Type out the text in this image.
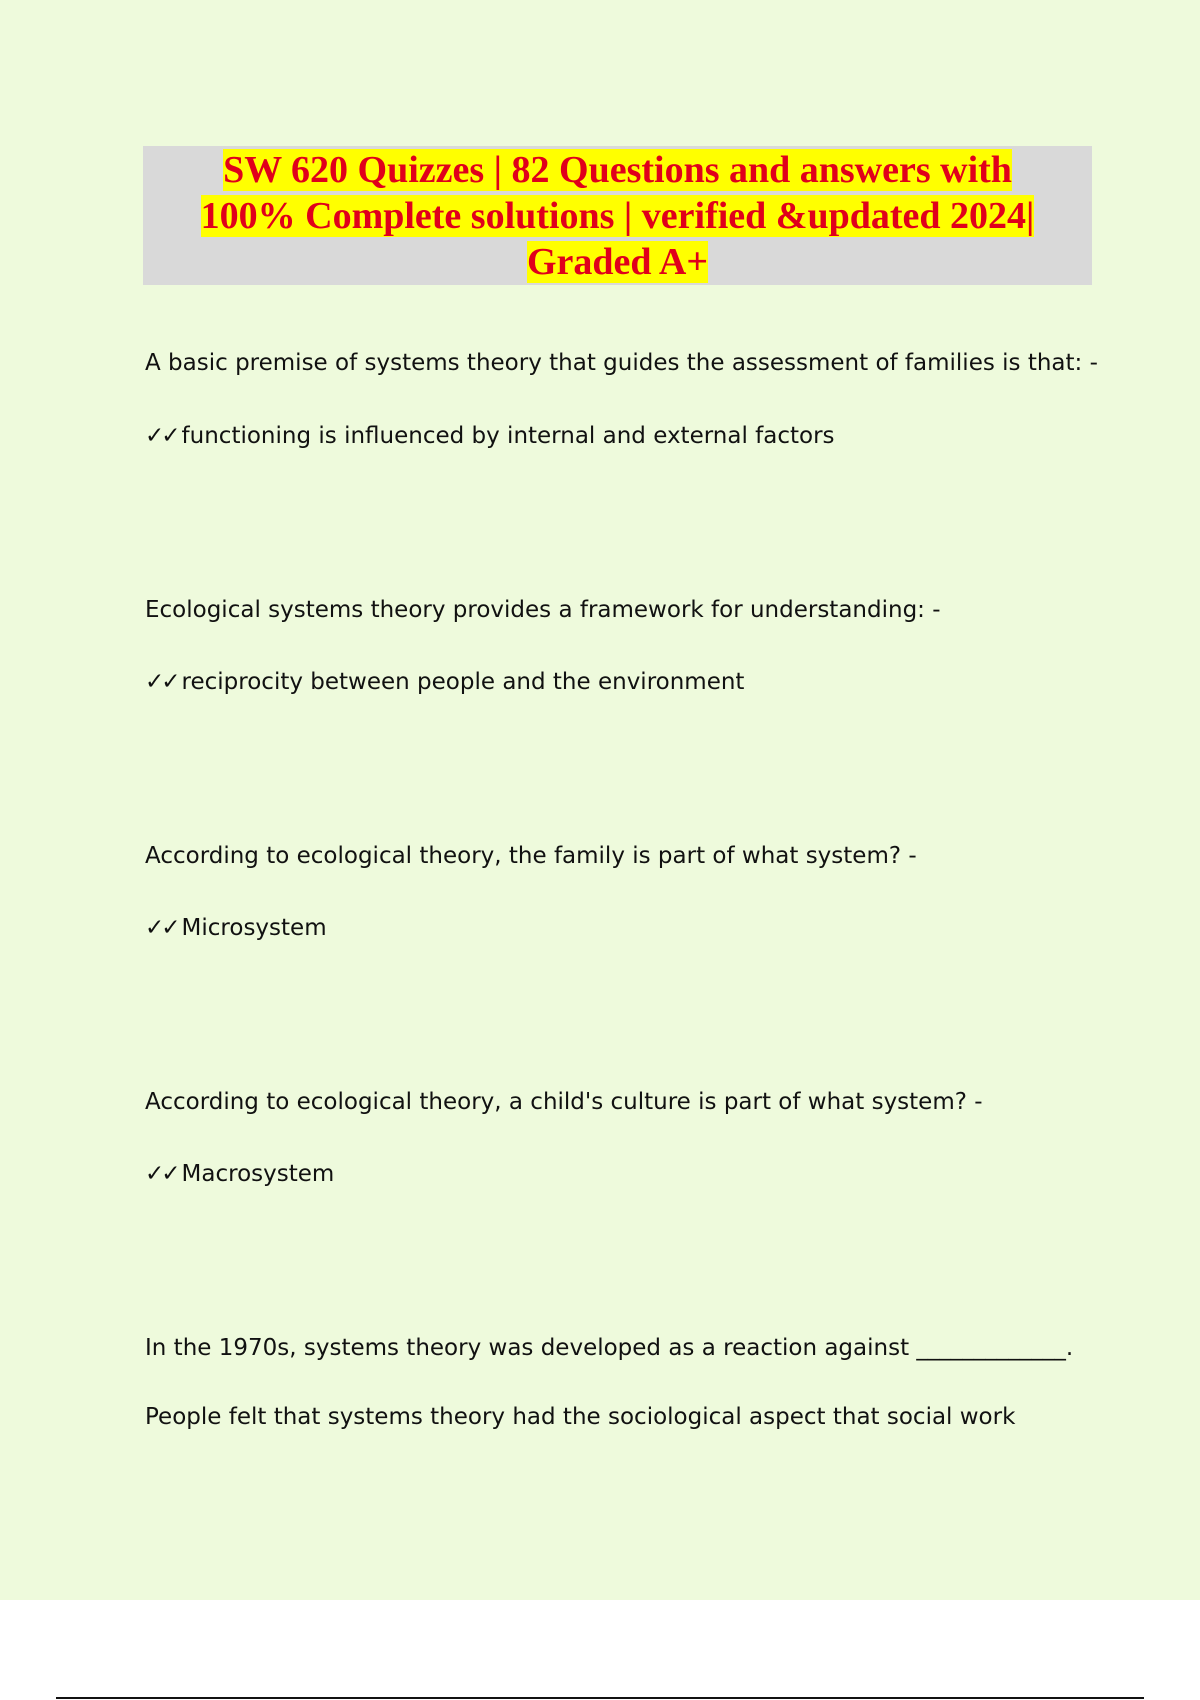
SW 620 Quizzes | 82 Questions and answers with
100% Complete solutions | verified &updated 2024|
Graded A+
A basic premise of systems theory that guides the assessment of families is that: -
✓✓ functioning is influenced by internal and external factors
Ecological systems theory provides a framework for understanding: -
✓✓ reciprocity between people and the environment
According to ecological theory, the family is part of what system? -
✓✓ Microsystem
According to ecological theory, a child's culture is part of what system? -
✓✓ Macrosystem
In the 1970s, systems theory was developed as a reaction against _____________.
People felt that systems theory had the sociological aspect that social work
